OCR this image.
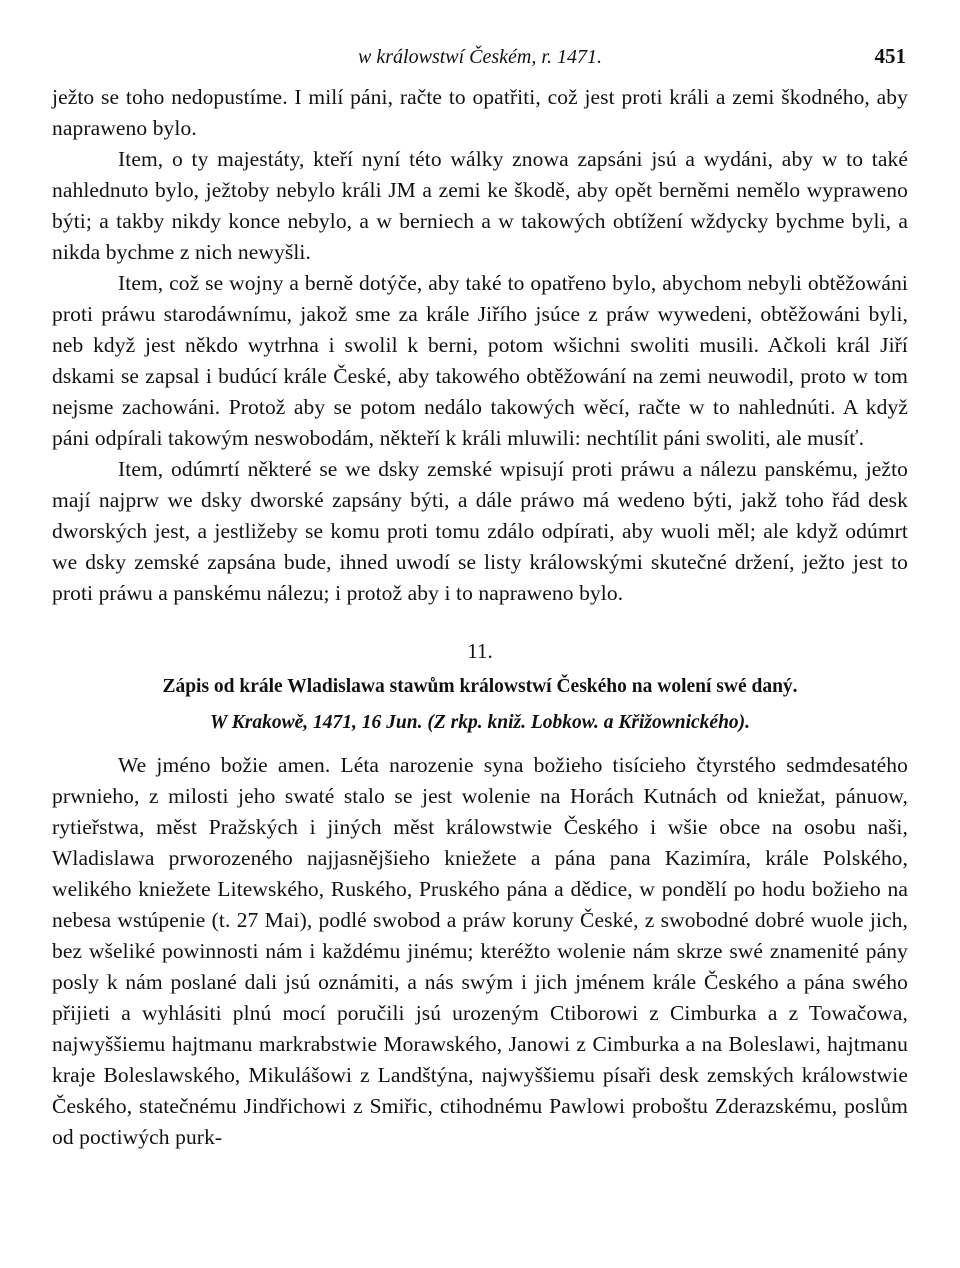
w králowstwí Českém, r. 1471.	451

ježto se toho nedopustíme. I milí páni, račte to opatřiti, což jest proti králi a zemi škodného, aby napraweno bylo.

Item, o ty majestáty, kteří nyní této wálky znowa zapsáni jsú a wydáni, aby w to také nahlednuto bylo, ježtoby nebylo králi JM a zemi ke škodě, aby opět berněmi nemělo wypraweno býti; a takby nikdy konce nebylo, a w berniech a w takowých obtížení wždycky bychme byli, a nikda bychme z nich newyšli.

Item, což se wojny a berně dotýče, aby také to opatřeno bylo, abychom nebyli obtěžowáni proti práwu starodáwnímu, jakož sme za krále Jiřího jsúce z práw wywedeni, obtěžowáni byli, neb když jest někdo wytrhna i swolil k berni, potom wšichni swoliti musili. Ačkoli král Jiří dskami se zapsal i budúcí krále České, aby takowého obtěžowání na zemi neuwodil, proto w tom nejsme zachowáni. Protož aby se potom nedálo takowých wěcí, račte w to nahlednúti. A když páni odpírali takowým neswobodám, někteří k králi mluwili: nechtílit páni swoliti, ale musíť.

Item, odúmrtí některé se we dsky zemské wpisují proti práwu a nálezu panskému, ježto mají najprw we dsky dworské zapsány býti, a dále práwo má wedeno býti, jakž toho řád desk dworských jest, a jestližeby se komu proti tomu zdálo odpírati, aby wuoli měl; ale když odúmrt we dsky zemské zapsána bude, ihned uwodí se listy králowskými skutečné držení, ježto jest to proti práwu a panskému nálezu; i protož aby i to napraweno bylo.

11.
Zápis od krále Wladislawa stawům králowstwí Českého na wolení swé daný.
W Krakowě, 1471, 16 Jun. (Z rkp. kniž. Lobkow. a Křižownického).

We jméno božie amen. Léta narozenie syna božieho tisícieho čtyrstého sedmdesatého prwnieho, z milosti jeho swaté stalo se jest wolenie na Horách Kutnách od kniežat, pánuow, rytieřstwa, měst Pražských i jiných měst králowstwie Českého i wšie obce na osobu naši, Wladislawa prworozeného najjasnějšieho kniežete a pána pana Kazimíra, krále Polského, welikého kniežete Litewského, Ruského, Pruského pána a dědice, w pondělí po hodu božieho na nebesa wstúpenie (t. 27 Mai), podlé swobod a práw koruny České, z swobodné dobré wuole jich, bez wšeliké powinnosti nám i každému jinému; kteréžto wolenie nám skrze swé znamenité pány posly k nám poslané dali jsú oznámiti, a nás swým i jich jménem krále Českého a pána swého přijieti a wyhlásiti plnú mocí poručili jsú urozeným Ctiborowi z Cimburka a z Towačowa, najwyššiemu hajtmanu markrabstwie Morawského, Janowi z Cimburka a na Boleslawi, hajtmanu kraje Boleslawského, Mikulášowi z Landštýna, najwyššiemu písaři desk zemských králowstwie Českého, statečnému Jindřichowi z Smiřic, ctihodnému Pawlowi proboštu Zderazskému, poslům od poctiwých purk-
